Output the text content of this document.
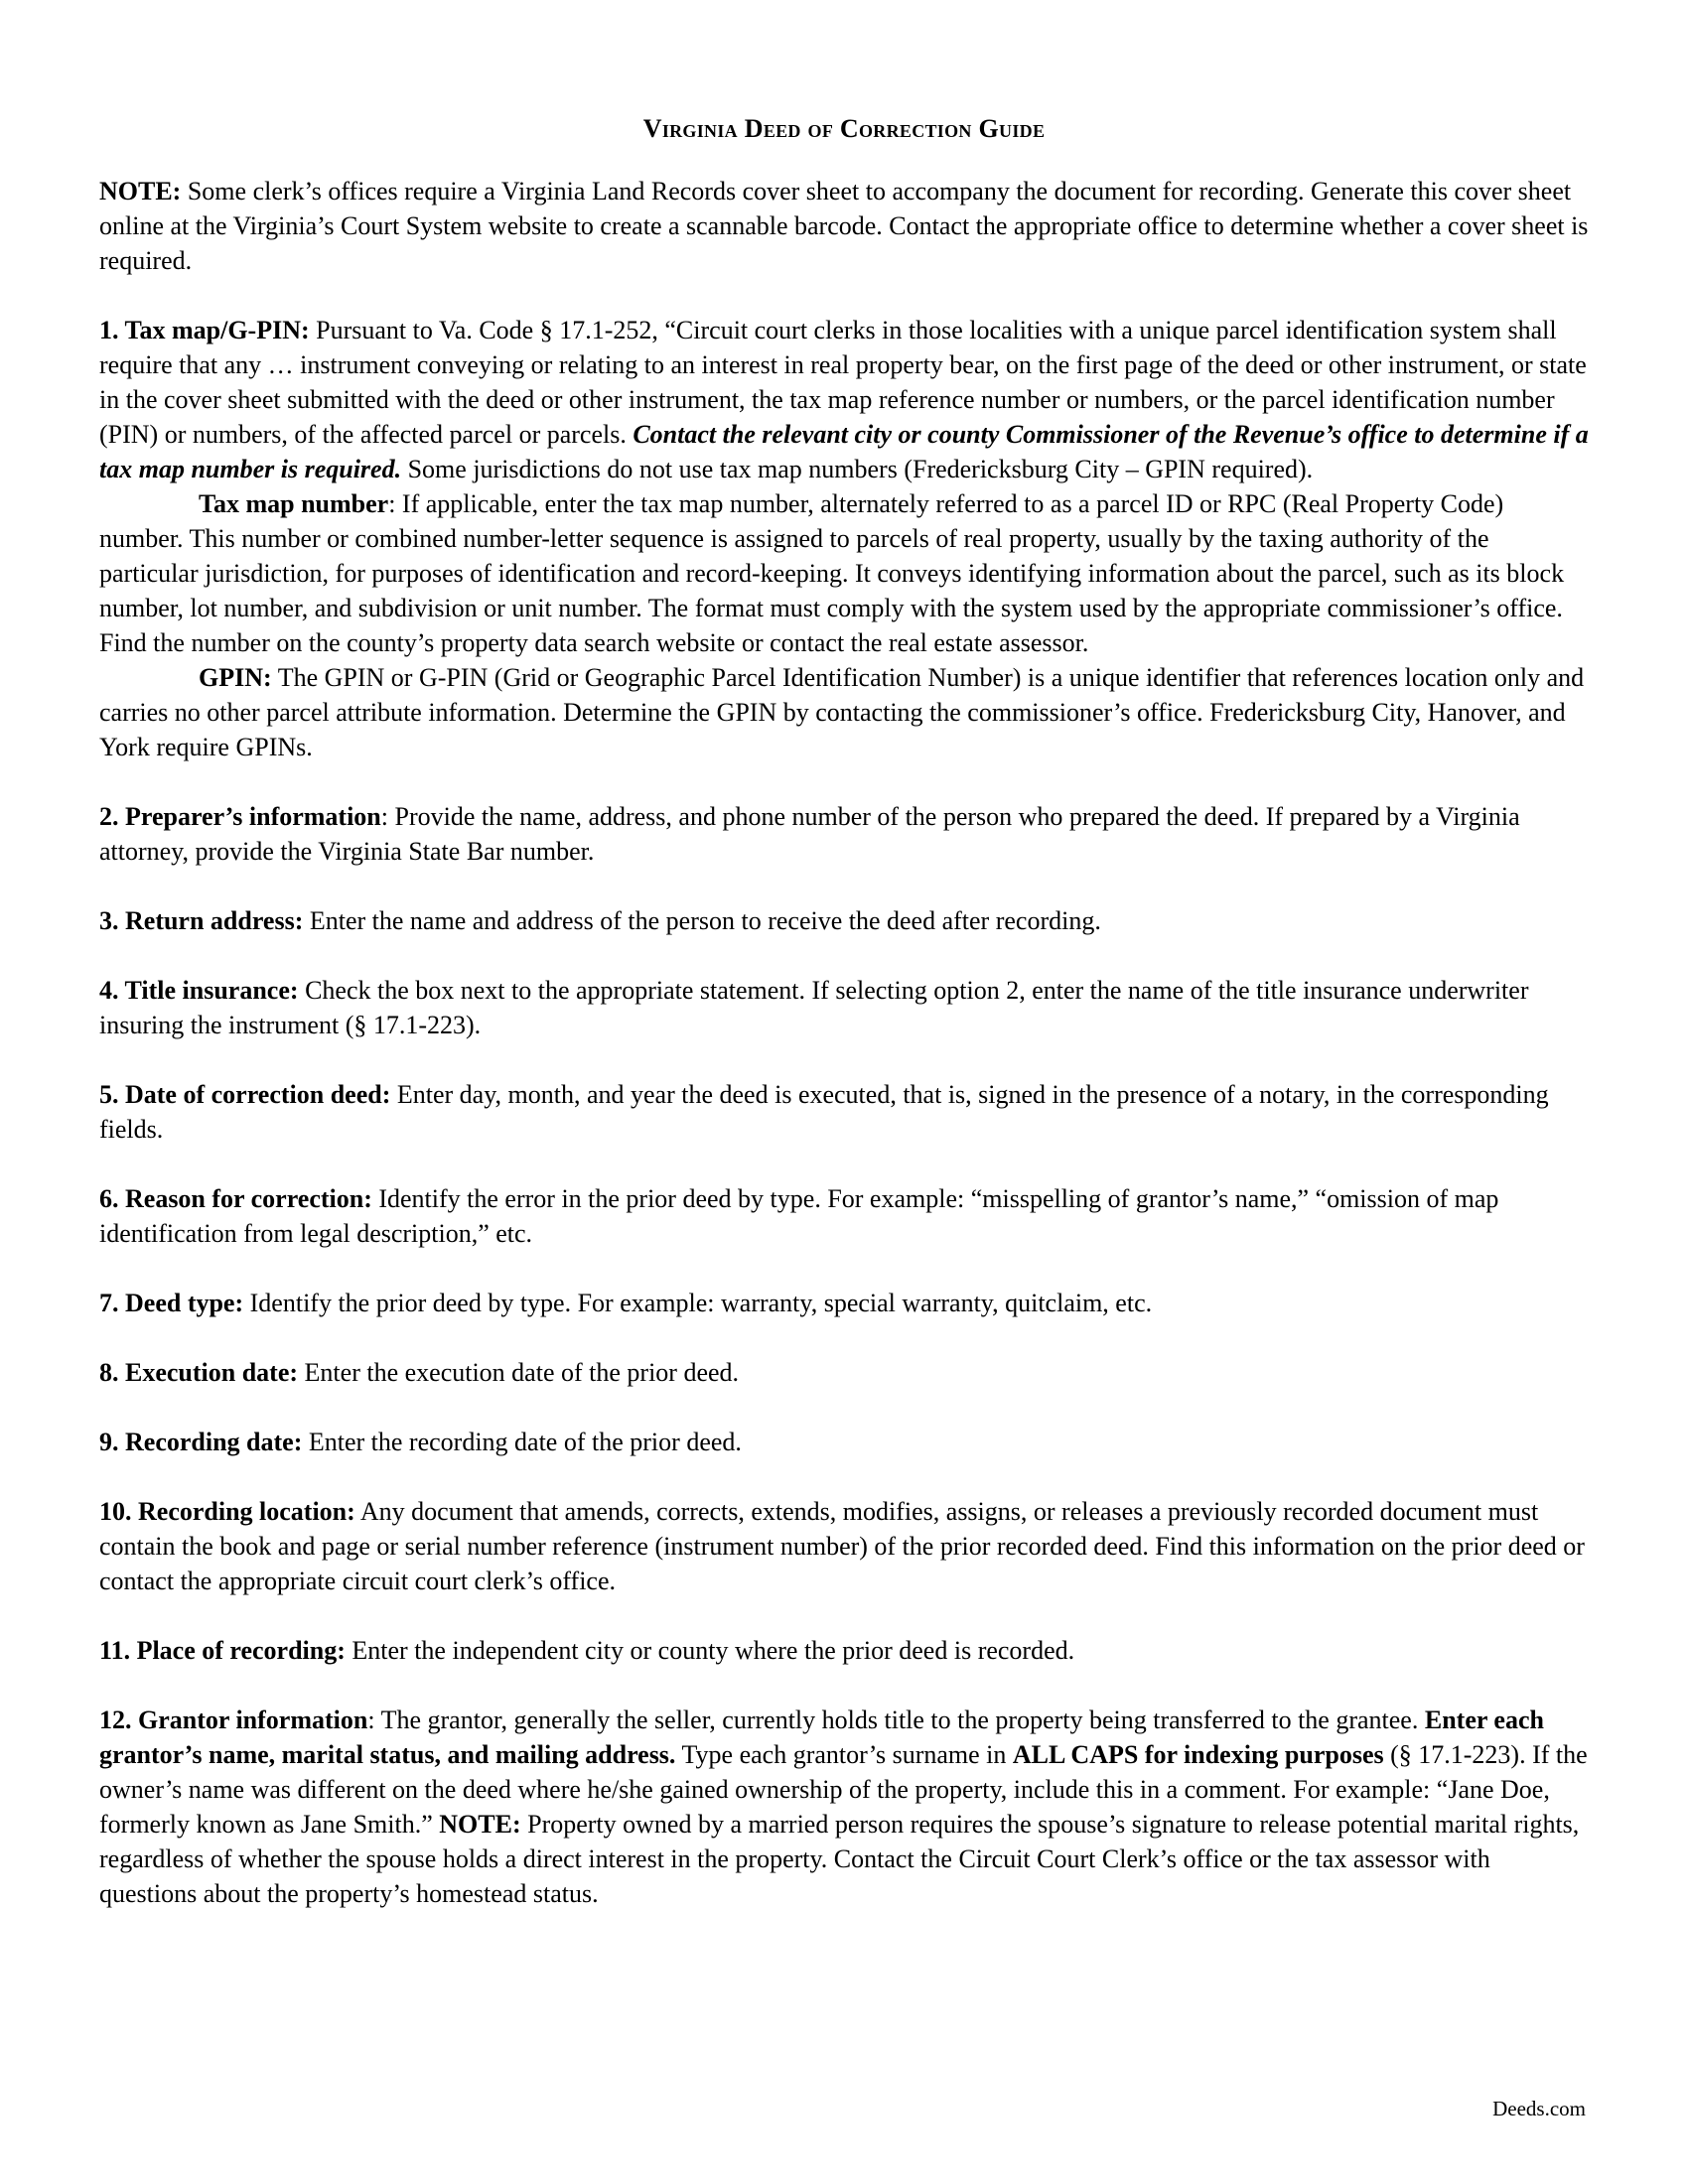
Virginia Deed of Correction Guide

NOTE: Some clerk’s offices require a Virginia Land Records cover sheet to accompany the document for recording. Generate this cover sheet online at the Virginia’s Court System website to create a scannable barcode. Contact the appropriate office to determine whether a cover sheet is required.

1. Tax map/G-PIN: Pursuant to Va. Code § 17.1-252, “Circuit court clerks in those localities with a unique parcel identification system shall require that any … instrument conveying or relating to an interest in real property bear, on the first page of the deed or other instrument, or state in the cover sheet submitted with the deed or other instrument, the tax map reference number or numbers, or the parcel identification number (PIN) or numbers, of the affected parcel or parcels. Contact the relevant city or county Commissioner of the Revenue’s office to determine if a tax map number is required. Some jurisdictions do not use tax map numbers (Fredericksburg City – GPIN required).

Tax map number: If applicable, enter the tax map number, alternately referred to as a parcel ID or RPC (Real Property Code) number. This number or combined number-letter sequence is assigned to parcels of real property, usually by the taxing authority of the particular jurisdiction, for purposes of identification and record-keeping. It conveys identifying information about the parcel, such as its block number, lot number, and subdivision or unit number. The format must comply with the system used by the appropriate commissioner’s office. Find the number on the county’s property data search website or contact the real estate assessor.

GPIN: The GPIN or G-PIN (Grid or Geographic Parcel Identification Number) is a unique identifier that references location only and carries no other parcel attribute information. Determine the GPIN by contacting the commissioner’s office. Fredericksburg City, Hanover, and York require GPINs.

2. Preparer’s information: Provide the name, address, and phone number of the person who prepared the deed. If prepared by a Virginia attorney, provide the Virginia State Bar number.

3. Return address: Enter the name and address of the person to receive the deed after recording.

4. Title insurance: Check the box next to the appropriate statement. If selecting option 2, enter the name of the title insurance underwriter insuring the instrument (§ 17.1-223).

5. Date of correction deed: Enter day, month, and year the deed is executed, that is, signed in the presence of a notary, in the corresponding fields.

6. Reason for correction: Identify the error in the prior deed by type. For example: “misspelling of grantor’s name,” “omission of map identification from legal description,” etc.

7. Deed type: Identify the prior deed by type. For example: warranty, special warranty, quitclaim, etc.

8. Execution date: Enter the execution date of the prior deed.

9. Recording date: Enter the recording date of the prior deed.

10. Recording location: Any document that amends, corrects, extends, modifies, assigns, or releases a previously recorded document must contain the book and page or serial number reference (instrument number) of the prior recorded deed. Find this information on the prior deed or contact the appropriate circuit court clerk’s office.

11. Place of recording: Enter the independent city or county where the prior deed is recorded.

12. Grantor information: The grantor, generally the seller, currently holds title to the property being transferred to the grantee. Enter each grantor’s name, marital status, and mailing address. Type each grantor’s surname in ALL CAPS for indexing purposes (§ 17.1-223). If the owner’s name was different on the deed where he/she gained ownership of the property, include this in a comment. For example: “Jane Doe, formerly known as Jane Smith.” NOTE: Property owned by a married person requires the spouse’s signature to release potential marital rights, regardless of whether the spouse holds a direct interest in the property. Contact the Circuit Court Clerk’s office or the tax assessor with questions about the property’s homestead status.

Deeds.com
